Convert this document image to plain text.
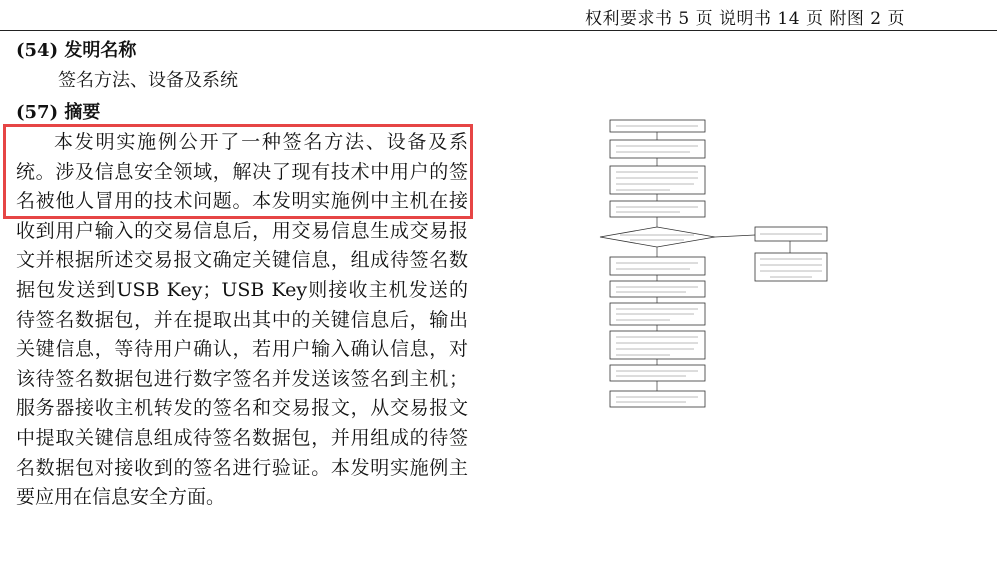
权利要求书 5 页 说明书 14 页 附图 2 页
(54) 发明名称
签名方法、设备及系统
(57) 摘要

本发明实施例公开了一种签名方法、设备及系统。涉及信息安全领域，解决了现有技术中用户的签名被他人冒用的技术问题。本发明实施例中主机在接收到用户输入的交易信息后，用交易信息生成交易报文并根据所述交易报文确定关键信息，组成待签名数据包发送到USB Key；USB Key则接收主机发送的待签名数据包，并在提取出其中的关键信息后，输出关键信息，等待用户确认，若用户输入确认信息，对该待签名数据包进行数字签名并发送该签名到主机；服务器接收主机转发的签名和交易报文，从交易报文中提取关键信息组成待签名数据包，并用组成的待签名数据包对接收到的签名进行验证。本发明实施例主要应用在信息安全方面。
